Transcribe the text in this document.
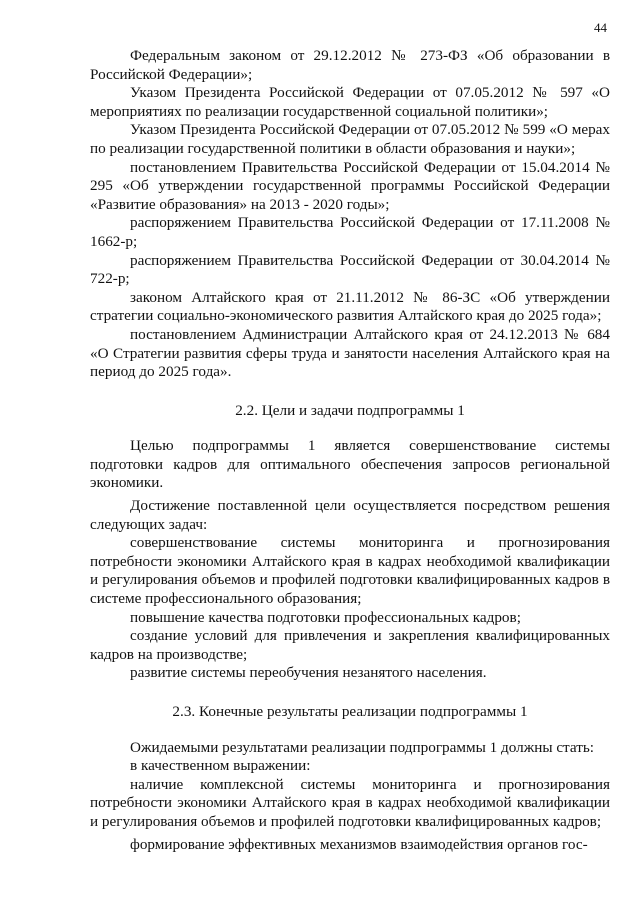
44

Федеральным законом от 29.12.2012 № 273-ФЗ «Об образовании в Российской Федерации»;

Указом Президента Российской Федерации от 07.05.2012 № 597 «О мероприятиях по реализации государственной социальной политики»;

Указом Президента Российской Федерации от 07.05.2012 № 599 «О мерах по реализации государственной политики в области образования и науки»;

постановлением Правительства Российской Федерации от 15.04.2014 № 295 «Об утверждении государственной программы Российской Федерации «Развитие образования» на 2013 - 2020 годы»;

распоряжением Правительства Российской Федерации от 17.11.2008 № 1662-р;

распоряжением Правительства Российской Федерации от 30.04.2014 № 722-р;

законом Алтайского края от 21.11.2012 № 86-ЗС «Об утверждении стратегии социально-экономического развития Алтайского края до 2025 года»;

постановлением Администрации Алтайского края от 24.12.2013 № 684 «О Стратегии развития сферы труда и занятости населения Алтайского края на период до 2025 года».

2.2. Цели и задачи подпрограммы 1

Целью подпрограммы 1 является совершенствование системы подготовки кадров для оптимального обеспечения запросов региональной экономики.

Достижение поставленной цели осуществляется посредством решения следующих задач:

совершенствование системы мониторинга и прогнозирования потребности экономики Алтайского края в кадрах необходимой квалификации и регулирования объемов и профилей подготовки квалифицированных кадров в системе профессионального образования;

повышение качества подготовки профессиональных кадров;

создание условий для привлечения и закрепления квалифицированных кадров на производстве;

развитие системы переобучения незанятого населения.

2.3. Конечные результаты реализации подпрограммы 1

Ожидаемыми результатами реализации подпрограммы 1 должны стать:

в качественном выражении:

наличие комплексной системы мониторинга и прогнозирования потребности экономики Алтайского края в кадрах необходимой квалификации и регулирования объемов и профилей подготовки квалифицированных кадров;

формирование эффективных механизмов взаимодействия органов гос-
